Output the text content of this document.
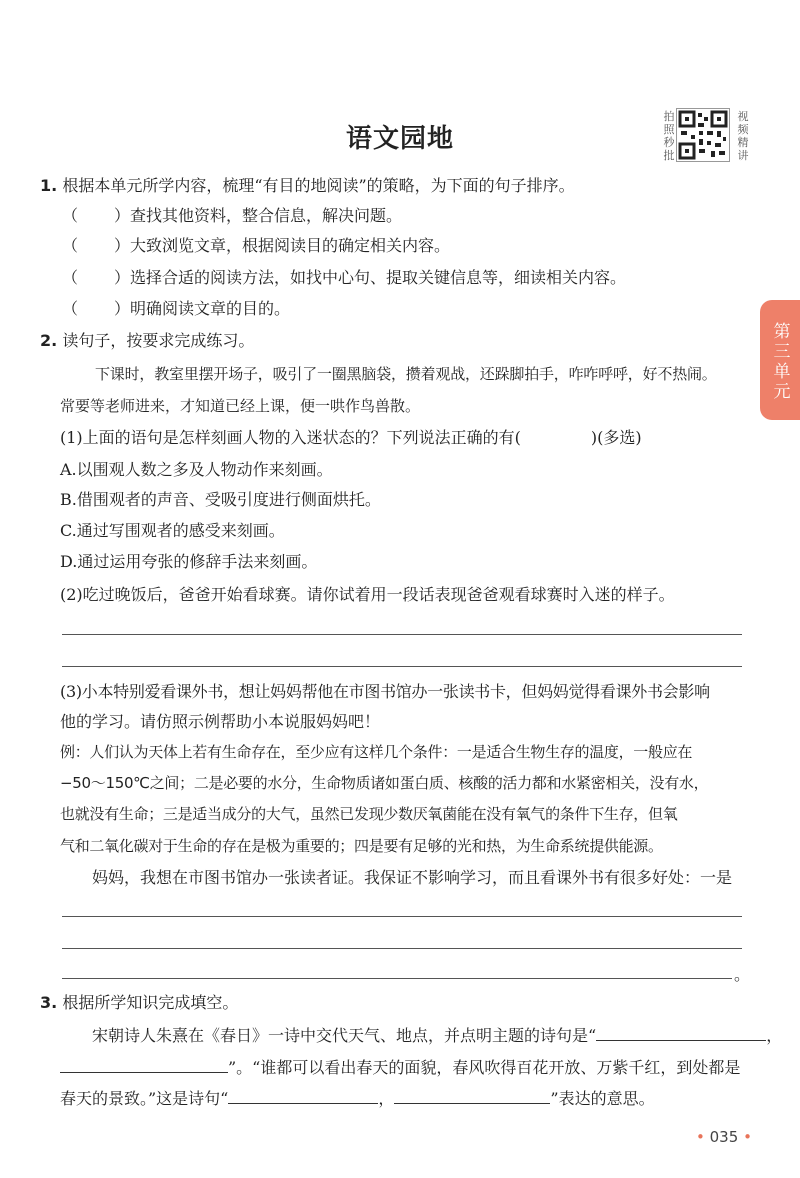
语文园地
拍照秒批
视频精讲
第三单元
1. 根据本单元所学内容，梳理“有目的地阅读”的策略，为下面的句子排序。
（ ）查找其他资料，整合信息，解决问题。
（ ）大致浏览文章，根据阅读目的确定相关内容。
（ ）选择合适的阅读方法，如找中心句、提取关键信息等，细读相关内容。
（ ）明确阅读文章的目的。
2. 读句子，按要求完成练习。
下课时，教室里摆开场子，吸引了一圈黑脑袋，攒着观战，还跺脚拍手，咋咋呼呼，好不热闹。
常要等老师进来，才知道已经上课，便一哄作鸟兽散。
(1)上面的语句是怎样刻画人物的入迷状态的？下列说法正确的有(	)(多选)
A.以围观人数之多及人物动作来刻画。
B.借围观者的声音、受吸引度进行侧面烘托。
C.通过写围观者的感受来刻画。
D.通过运用夸张的修辞手法来刻画。
(2)吃过晚饭后，爸爸开始看球赛。请你试着用一段话表现爸爸观看球赛时入迷的样子。
(3)小本特别爱看课外书，想让妈妈帮他在市图书馆办一张读书卡，但妈妈觉得看课外书会影响
他的学习。请仿照示例帮助小本说服妈妈吧！
例：人们认为天体上若有生命存在，至少应有这样几个条件：一是适合生物生存的温度，一般应在
−50～150℃之间；二是必要的水分，生命物质诸如蛋白质、核酸的活力都和水紧密相关，没有水，
也就没有生命；三是适当成分的大气，虽然已发现少数厌氧菌能在没有氧气的条件下生存，但氧
气和二氧化碳对于生命的存在是极为重要的；四是要有足够的光和热，为生命系统提供能源。
妈妈，我想在市图书馆办一张读者证。我保证不影响学习，而且看课外书有很多好处：一是
。
3. 根据所学知识完成填空。
宋朝诗人朱熹在《春日》一诗中交代天气、地点，并点明主题的诗句是“	，
”。“谁都可以看出春天的面貌，春风吹得百花开放、万紫千红，到处都是
春天的景致。”这是诗句“	，	”表达的意思。
• 035 •
